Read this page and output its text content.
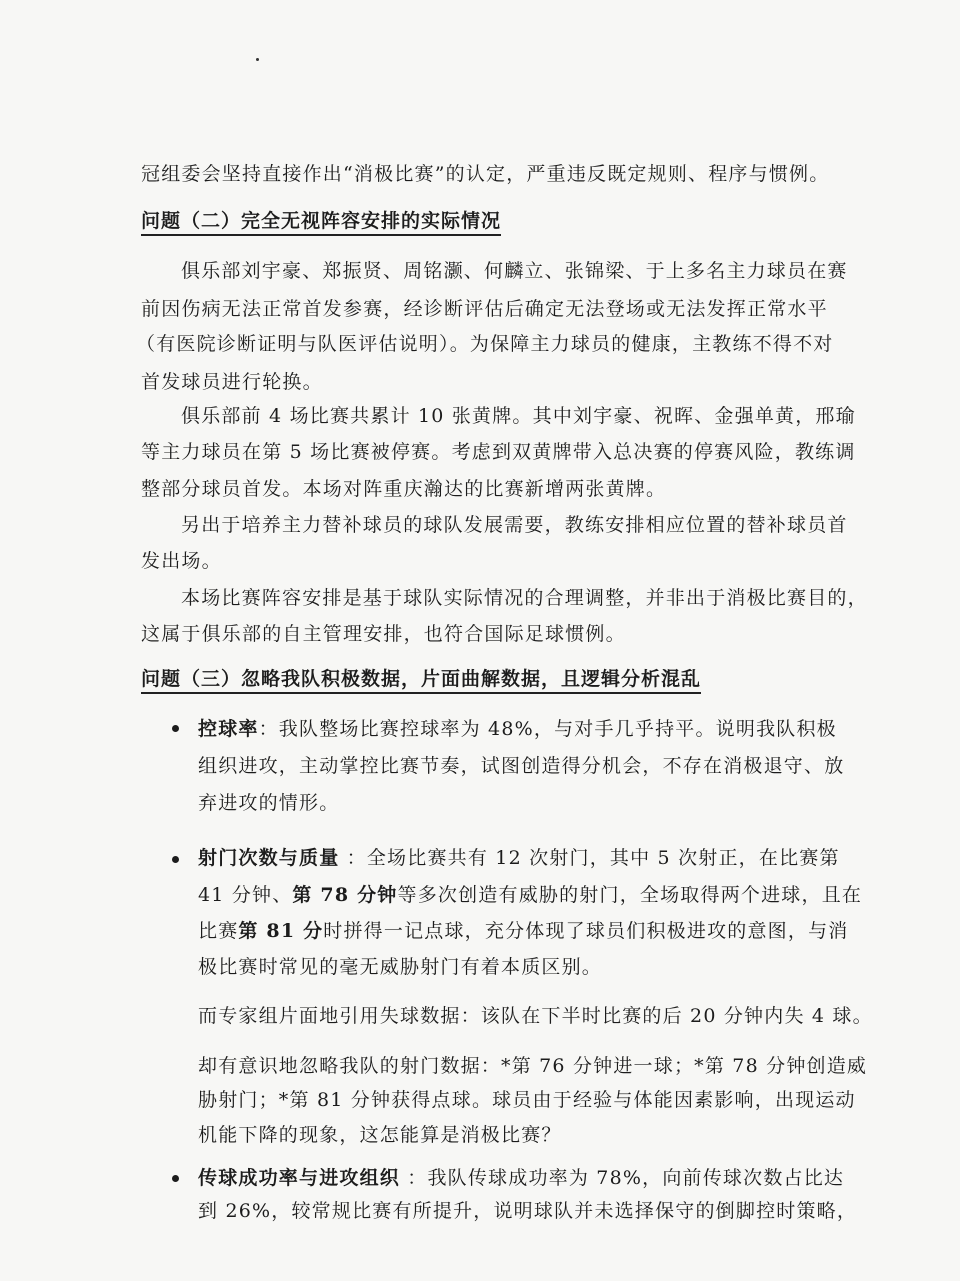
冠组委会坚持直接作出“消极比赛”的认定，严重违反既定规则、程序与惯例。
问题（二）完全无视阵容安排的实际情况
俱乐部刘宇豪、郑振贤、周铭灏、何麟立、张锦梁、于上多名主力球员在赛
前因伤病无法正常首发参赛，经诊断评估后确定无法登场或无法发挥正常水平
（有医院诊断证明与队医评估说明）。为保障主力球员的健康，主教练不得不对
首发球员进行轮换。
俱乐部前 4 场比赛共累计 10 张黄牌。其中刘宇豪、祝晖、金强单黄，邢瑜
等主力球员在第 5 场比赛被停赛。考虑到双黄牌带入总决赛的停赛风险，教练调
整部分球员首发。本场对阵重庆瀚达的比赛新增两张黄牌。
另出于培养主力替补球员的球队发展需要，教练安排相应位置的替补球员首
发出场。
本场比赛阵容安排是基于球队实际情况的合理调整，并非出于消极比赛目的，
这属于俱乐部的自主管理安排，也符合国际足球惯例。
问题（三）忽略我队积极数据，片面曲解数据，且逻辑分析混乱
控球率：我队整场比赛控球率为 48%，与对手几乎持平。说明我队积极
组织进攻，主动掌控比赛节奏，试图创造得分机会，不存在消极退守、放
弃进攻的情形。
射门次数与质量 ：全场比赛共有 12 次射门，其中 5 次射正，在比赛第
41 分钟、第 78 分钟等多次创造有威胁的射门，全场取得两个进球，且在
比赛第 81 分时拼得一记点球，充分体现了球员们积极进攻的意图，与消
极比赛时常见的毫无威胁射门有着本质区别。
而专家组片面地引用失球数据：该队在下半时比赛的后 20 分钟内失 4 球。
却有意识地忽略我队的射门数据：*第 76 分钟进一球；*第 78 分钟创造威
胁射门；*第 81 分钟获得点球。球员由于经验与体能因素影响，出现运动
机能下降的现象，这怎能算是消极比赛？
传球成功率与进攻组织 ：我队传球成功率为 78%，向前传球次数占比达
到 26%，较常规比赛有所提升，说明球队并未选择保守的倒脚控时策略，
